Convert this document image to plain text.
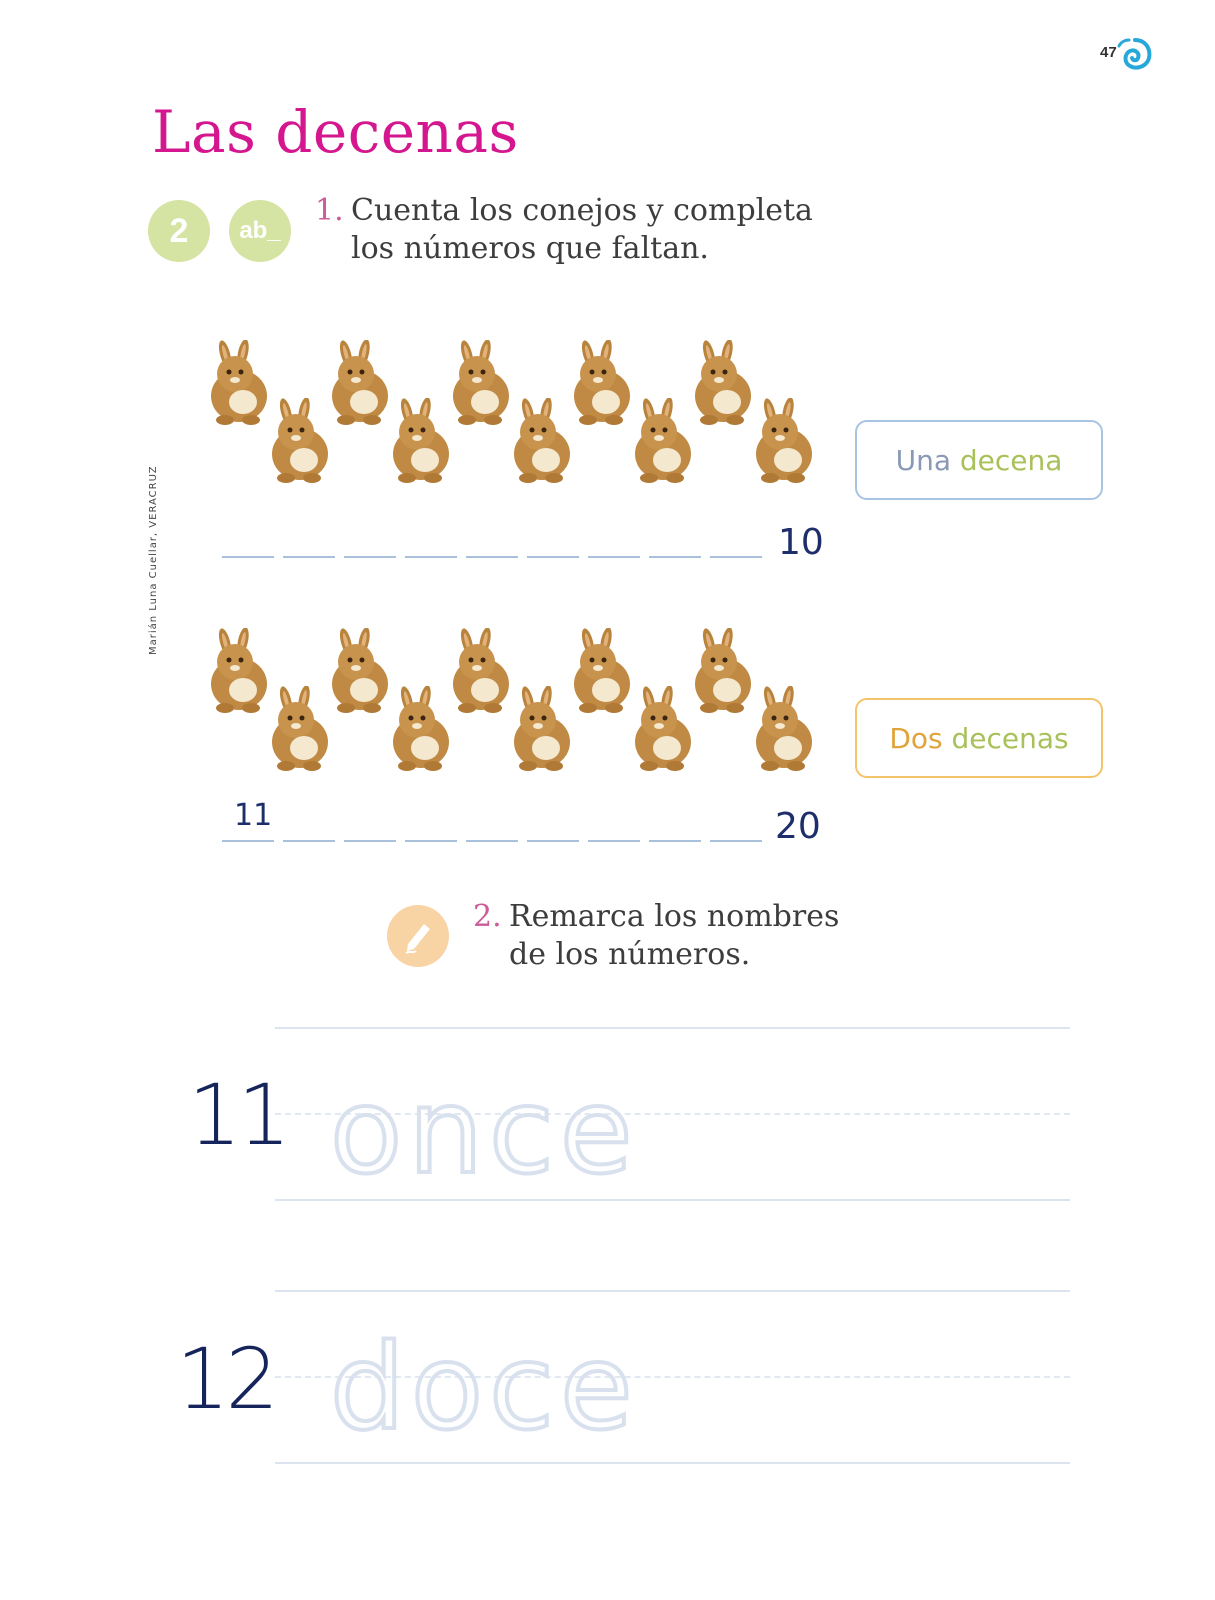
47
Las decenas
Marián Luna Cuellar, VERACRUZ
2 ab_
1. Cuenta los conejos y completa
los números que faltan.
10
Una
decena
11	20
Dos
decenas
2. Remarca los nombres
de los números.
11 once
12 doce
